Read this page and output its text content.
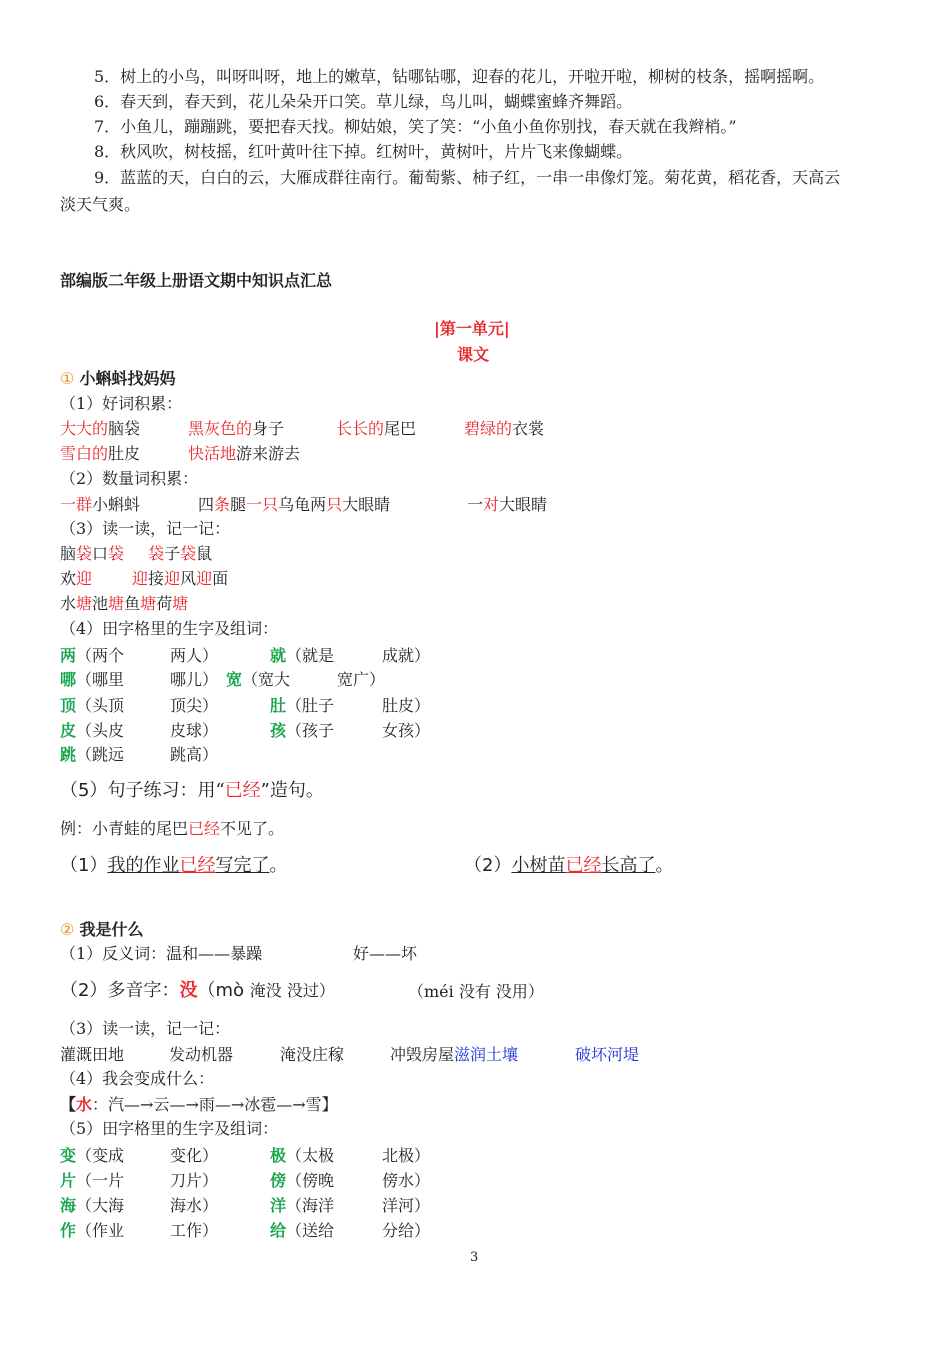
5．树上的小鸟，叫呀叫呀，地上的嫩草，钻哪钻哪，迎春的花儿，开啦开啦，柳树的枝条，摇啊摇啊。
6．春天到，春天到，花儿朵朵开口笑。草儿绿，鸟儿叫，蝴蝶蜜蜂齐舞蹈。
7．小鱼儿，蹦蹦跳，要把春天找。柳姑娘，笑了笑：“小鱼小鱼你别找，春天就在我辫梢。”
8．秋风吹，树枝摇，红叶黄叶往下掉。红树叶，黄树叶，片片飞来像蝴蝶。
9．蓝蓝的天，白白的云，大雁成群往南行。葡萄紫、柿子红，一串一串像灯笼。菊花黄，稻花香，天高云
淡天气爽。
部编版二年级上册语文期中知识点汇总
|第一单元|
课文
① 小蝌蚪找妈妈
（1）好词积累：
大大的脑袋	黑灰色的身子	长长的尾巴	碧绿的衣裳
雪白的肚皮	快活地游来游去
（2）数量词积累：
一群小蝌蚪	四条腿一只乌龟两只大眼睛	一对大眼睛
（3）读一读，记一记：
脑袋口袋 袋子袋鼠
欢迎	迎接迎风迎面
水塘池塘鱼塘荷塘
（4）田字格里的生字及组词：
两（两个	两人）	就（就是	成就）
哪（哪里	哪儿） 宽（宽大	宽广）
顶（头顶	顶尖）	肚（肚子	肚皮）
皮（头皮	皮球）	孩（孩子	女孩）
跳（跳远	跳高）
（5）句子练习：用“已经”造句。
例：小青蛙的尾巴已经不见了。
（1）我的作业已经写完了。	（2）小树苗已经长高了。
② 我是什么
（1）反义词：温和——暴躁	好——坏
（2）多音字：没（mò 淹没 没过）	（méi 没有 没用）
（3）读一读，记一记：
灌溉田地	发动机器	淹没庄稼	冲毁房屋滋润土壤	破坏河堤
（4）我会变成什么：
【水：汽—→云—→雨—→冰雹—→雪】
（5）田字格里的生字及组词：
变（变成	变化）	极（太极	北极）
片（一片	刀片）	傍（傍晚	傍水）
海（大海	海水）	洋（海洋	洋河）
作（作业	工作）	给（送给	分给）
3
